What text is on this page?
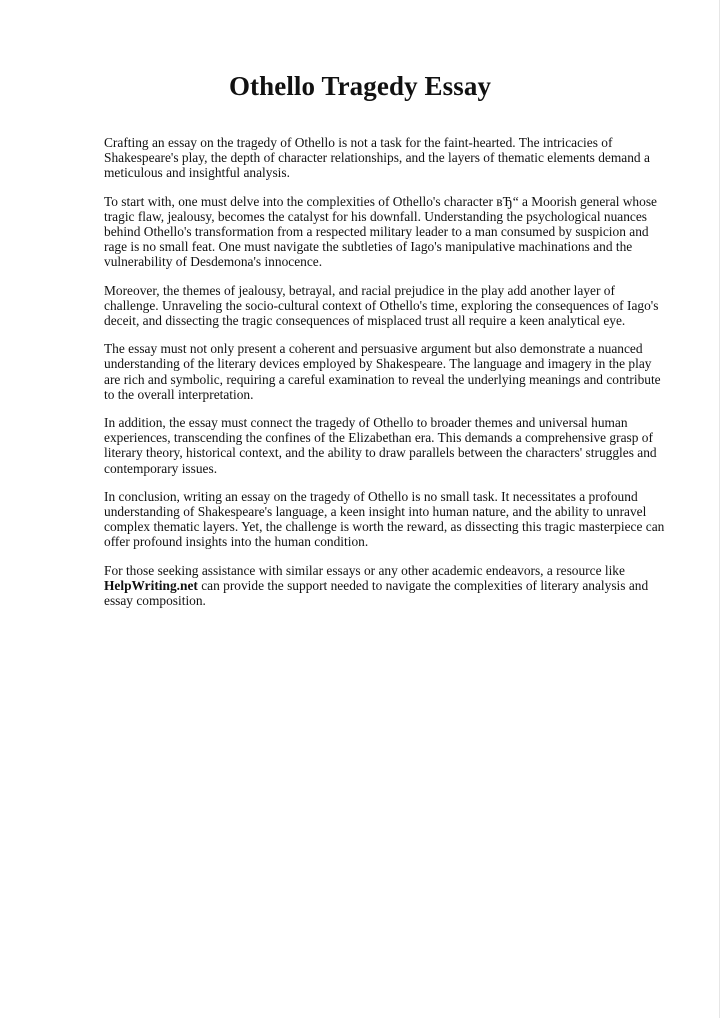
Othello Tragedy Essay

Crafting an essay on the tragedy of Othello is not a task for the faint-hearted. The intricacies of Shakespeare's play, the depth of character relationships, and the layers of thematic elements demand a meticulous and insightful analysis.

To start with, one must delve into the complexities of Othello's character вЂ“ a Moorish general whose tragic flaw, jealousy, becomes the catalyst for his downfall. Understanding the psychological nuances behind Othello's transformation from a respected military leader to a man consumed by suspicion and rage is no small feat. One must navigate the subtleties of Iago's manipulative machinations and the vulnerability of Desdemona's innocence.

Moreover, the themes of jealousy, betrayal, and racial prejudice in the play add another layer of challenge. Unraveling the socio-cultural context of Othello's time, exploring the consequences of Iago's deceit, and dissecting the tragic consequences of misplaced trust all require a keen analytical eye.

The essay must not only present a coherent and persuasive argument but also demonstrate a nuanced understanding of the literary devices employed by Shakespeare. The language and imagery in the play are rich and symbolic, requiring a careful examination to reveal the underlying meanings and contribute to the overall interpretation.

In addition, the essay must connect the tragedy of Othello to broader themes and universal human experiences, transcending the confines of the Elizabethan era. This demands a comprehensive grasp of literary theory, historical context, and the ability to draw parallels between the characters' struggles and contemporary issues.

In conclusion, writing an essay on the tragedy of Othello is no small task. It necessitates a profound understanding of Shakespeare's language, a keen insight into human nature, and the ability to unravel complex thematic layers. Yet, the challenge is worth the reward, as dissecting this tragic masterpiece can offer profound insights into the human condition.

For those seeking assistance with similar essays or any other academic endeavors, a resource like HelpWriting.net can provide the support needed to navigate the complexities of literary analysis and essay composition.
